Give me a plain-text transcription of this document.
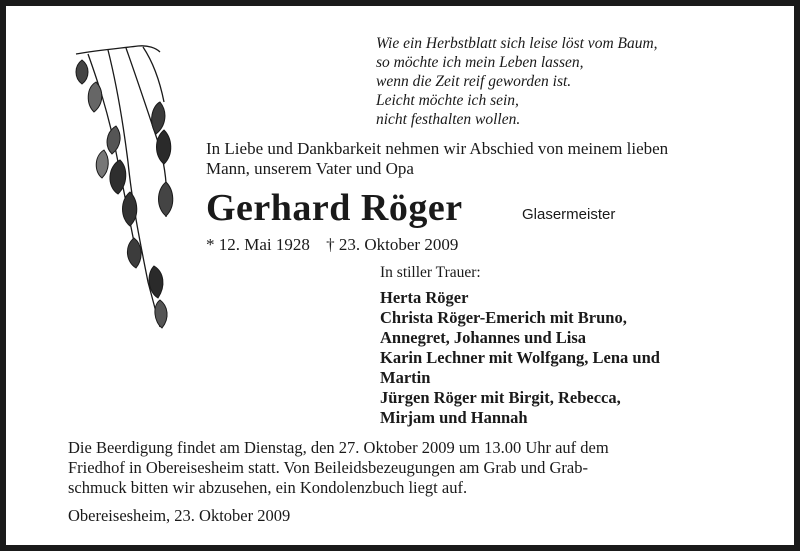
Wie ein Herbstblatt sich leise löst vom Baum,
so möchte ich mein Leben lassen,
wenn die Zeit reif geworden ist.
Leicht möchte ich sein,
nicht festhalten wollen.
In Liebe und Dankbarkeit nehmen wir Abschied von meinem lieben
Mann, unserem Vater und Opa
Gerhard Röger	Glasermeister
* 12. Mai 1928 † 23. Oktober 2009
In stiller Trauer:
Herta Röger
Christa Röger-Emerich mit Bruno,
Annegret, Johannes und Lisa
Karin Lechner mit Wolfgang, Lena und
Martin
Jürgen Röger mit Birgit, Rebecca,
Mirjam und Hannah
Die Beerdigung findet am Dienstag, den 27. Oktober 2009 um 13.00 Uhr auf dem
Friedhof in Obereisesheim statt. Von Beileidsbezeugungen am Grab und Grab-
schmuck bitten wir abzusehen, ein Kondolenzbuch liegt auf.
Obereisesheim, 23. Oktober 2009
